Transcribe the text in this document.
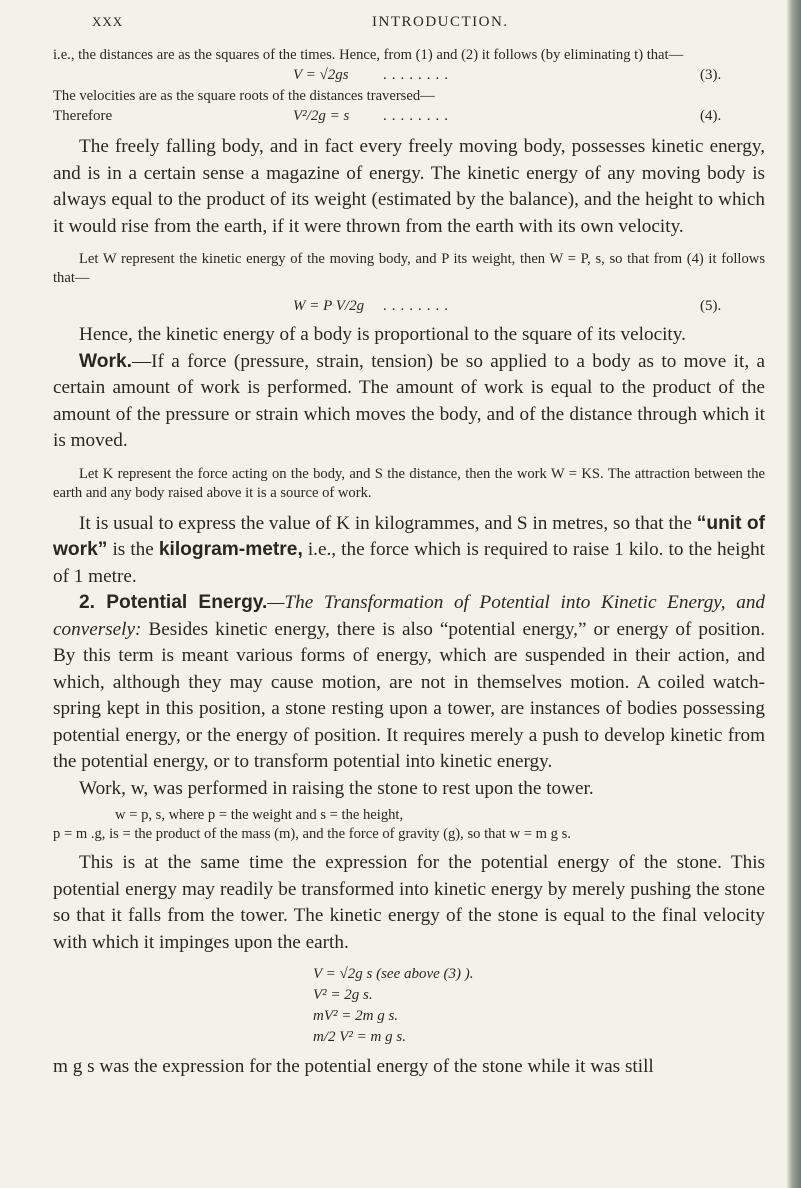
XXX	INTRODUCTION.

i.e., the distances are as the squares of the times. Hence, from (1) and (2) it follows (by eliminating t) that—

V = √2gs ........	(3).

The velocities are as the square roots of the distances traversed—

Therefore	V²/2g = s ........	(4).

The freely falling body, and in fact every freely moving body, possesses kinetic energy, and is in a certain sense a magazine of energy. The kinetic energy of any moving body is always equal to the product of its weight (estimated by the balance), and the height to which it would rise from the earth, if it were thrown from the earth with its own velocity.

Let W represent the kinetic energy of the moving body, and P its weight, then W = P, s, so that from (4) it follows that—

W = P V/2g ........	(5).

Hence, the kinetic energy of a body is proportional to the square of its velocity.

Work.—If a force (pressure, strain, tension) be so applied to a body as to move it, a certain amount of work is performed. The amount of work is equal to the product of the amount of the pressure or strain which moves the body, and of the distance through which it is moved.

Let K represent the force acting on the body, and S the distance, then the work W = KS. The attraction between the earth and any body raised above it is a source of work.

It is usual to express the value of K in kilogrammes, and S in metres, so that the “unit of work” is the kilogram-metre, i.e., the force which is required to raise 1 kilo. to the height of 1 metre.

2. Potential Energy.—The Transformation of Potential into Kinetic Energy, and conversely: Besides kinetic energy, there is also “potential energy,” or energy of position. By this term is meant various forms of energy, which are suspended in their action, and which, although they may cause motion, are not in themselves motion. A coiled watch-spring kept in this position, a stone resting upon a tower, are instances of bodies possessing potential energy, or the energy of position. It requires merely a push to develop kinetic from the potential energy, or to transform potential into kinetic energy.

Work, w, was performed in raising the stone to rest upon the tower.

w = p, s, where p = the weight and s = the height,

p = m .g, is = the product of the mass (m), and the force of gravity (g), so that w = m g s.

This is at the same time the expression for the potential energy of the stone. This potential energy may readily be transformed into kinetic energy by merely pushing the stone so that it falls from the tower. The kinetic energy of the stone is equal to the final velocity with which it impinges upon the earth.

V = √2g s (see above (3) ).
V² = 2g s.
mV² = 2m g s.
m/2 V² = m g s.

m g s was the expression for the potential energy of the stone while it was still
